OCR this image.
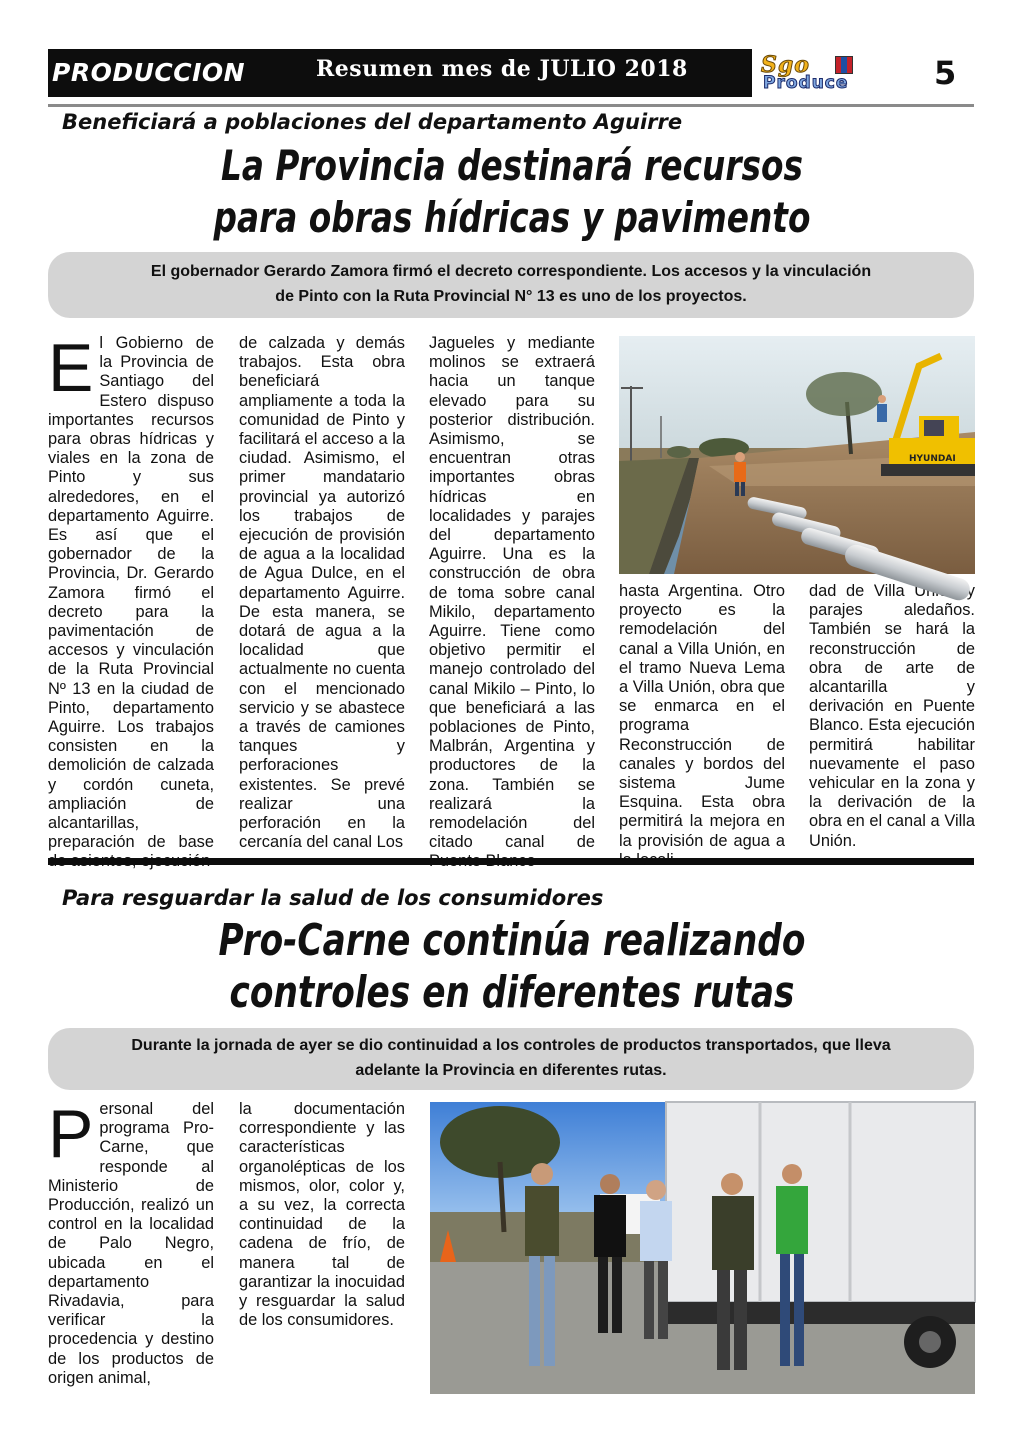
PRODUCCION	Resumen mes de JULIO 2018	Sgo
Produce	5
Beneficiará a poblaciones del departamento Aguirre
La Provincia destinará recursos
para obras hídricas y pavimento
El gobernador Gerardo Zamora firmó el decreto correspondiente. Los accesos y la vinculación
de Pinto con la Ruta Provincial N° 13 es uno de los proyectos.
E l Gobierno de la Provincia de Santiago del Estero dispuso importantes recursos para obras hídricas y viales en la zona de Pinto y sus alrededores, en el departamento Aguirre. Es así que el gobernador de la Provincia, Dr. Gerardo Zamora firmó el decreto para la pavimentación de accesos y vinculación de la Ruta Provincial Nº 13 en la ciudad de Pinto, departamento Aguirre. Los trabajos consisten en la demolición de calzada y cordón cuneta, ampliación de alcantarillas, preparación de base
de calzada y demás trabajos. Esta obra beneficiará ampliamente a toda la comunidad de Pinto y facilitará el acceso a la ciudad. Asimismo, el primer mandatario provincial ya autorizó los trabajos de ejecución de provisión de agua a la localidad de Agua Dulce, en el departamento Aguirre. De esta manera, se dotará de agua a la localidad que actualmente no cuenta con el mencionado servicio y se abastece a través de camiones tanques y perforaciones existentes. Se prevé realizar una perforación en la cercanía del canal Los
Jagueles y mediante molinos se extraerá hacia un tanque elevado para su posterior distribución. Asimismo, se encuentran otras importantes obras hídricas en localidades y parajes del departamento Aguirre. Una es la construcción de obra de toma sobre canal Mikilo, departamento Aguirre. Tiene como objetivo permitir el manejo controlado del canal Mikilo – Pinto, lo que beneficiará a las poblaciones de Pinto, Malbrán, Argentina y productores de la zona. También se realizará la remodelación del citado canal de
hasta Argentina. Otro proyecto es la remodelación del canal a Villa Unión, en el tramo Nueva Lema a Villa Unión, obra que se enmarca en el programa Reconstrucción de canales y bordos del sistema Jume Esquina. Esta obra permitirá la mejora en la provisión de agua a
dad de Villa Unión y parajes aledaños. También se hará la reconstrucción de obra de arte de alcantarilla y derivación en Puente Blanco. Esta ejecución permitirá habilitar nuevamente el paso vehicular en la zona y la derivación de la obra en el canal a Villa Unión.
HYUNDAI
Para resguardar la salud de los consumidores
Pro-Carne continúa realizando
controles en diferentes rutas
Durante la jornada de ayer se dio continuidad a los controles de productos transportados, que lleva
adelante la Provincia en diferentes rutas.
P ersonal del programa Pro-Carne, que responde al Ministerio de Producción, realizó un control en la localidad de Palo Negro, ubicada en el departamento Rivadavia, para verificar la procedencia y destino de los productos de origen animal,
la documentación correspondiente y las características organolépticas de los mismos, olor, color y, a su vez, la correcta continuidad de la cadena de frío, de manera tal de garantizar la inocuidad y resguardar la salud de los consumidores.
